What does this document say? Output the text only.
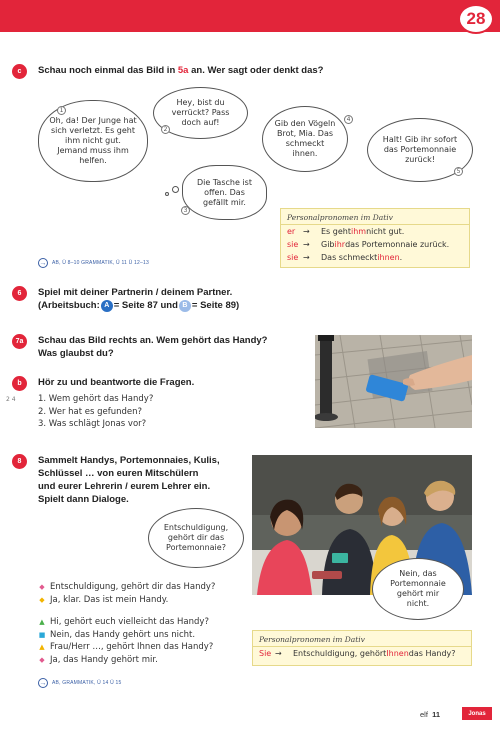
28
c	Schau noch einmal das Bild in 5a an. Wer sagt oder denkt das?
Oh, da! Der Junge hat sich verletzt. Es geht ihm nicht gut. Jemand muss ihm helfen.
1
Hey, bist du verrückt? Pass doch auf!
2
Die Tasche ist offen. Das gefällt mir.
3
Gib den Vögeln Brot, Mia. Das schmeckt ihnen.
4
Halt! Gib ihr sofort das Portemonnaie zurück!
5
Personalpronomen im Dativ
er →	Es geht ihm nicht gut.
sie →	Gib ihr das Portemonnaie zurück.
sie →	Das schmeckt ihnen .
→ AB, Ü 8–10 GRAMMATIK, Ü 11 Ü 12–13
6	Spiel mit deiner Partnerin / deinem Partner.
(Arbeitsbuch: A = Seite 87 und B = Seite 89)
7a	Schau das Bild rechts an. Wem gehört das Handy?
Was glaubst du?
b
2 4
Hör zu und beantworte die Fragen.
1. Wem gehört das Handy?
2. Wer hat es gefunden?
3. Was schlägt Jonas vor?
8	Sammelt Handys, Portemonnaies, Kulis,
Schlüssel … von euren Mitschülern
und eurer Lehrerin / eurem Lehrer ein.
Spielt dann Dialoge.
Entschuldigung, gehört dir das Portemonnaie?
Nein, das Portemonnaie gehört mir nicht.
◆ Entschuldigung, gehört dir das Handy?
◆ Ja, klar. Das ist mein Handy.
▲ Hi, gehört euch vielleicht das Handy?
■ Nein, das Handy gehört uns nicht.
▲ Frau/Herr …, gehört Ihnen das Handy?
◆ Ja, das Handy gehört mir.
Personalpronomen im Dativ
Sie →	Entschuldigung, gehört Ihnen das Handy?
→ AB, GRAMMATIK, Ü 14 Ü 15
elf 11	Jonas
